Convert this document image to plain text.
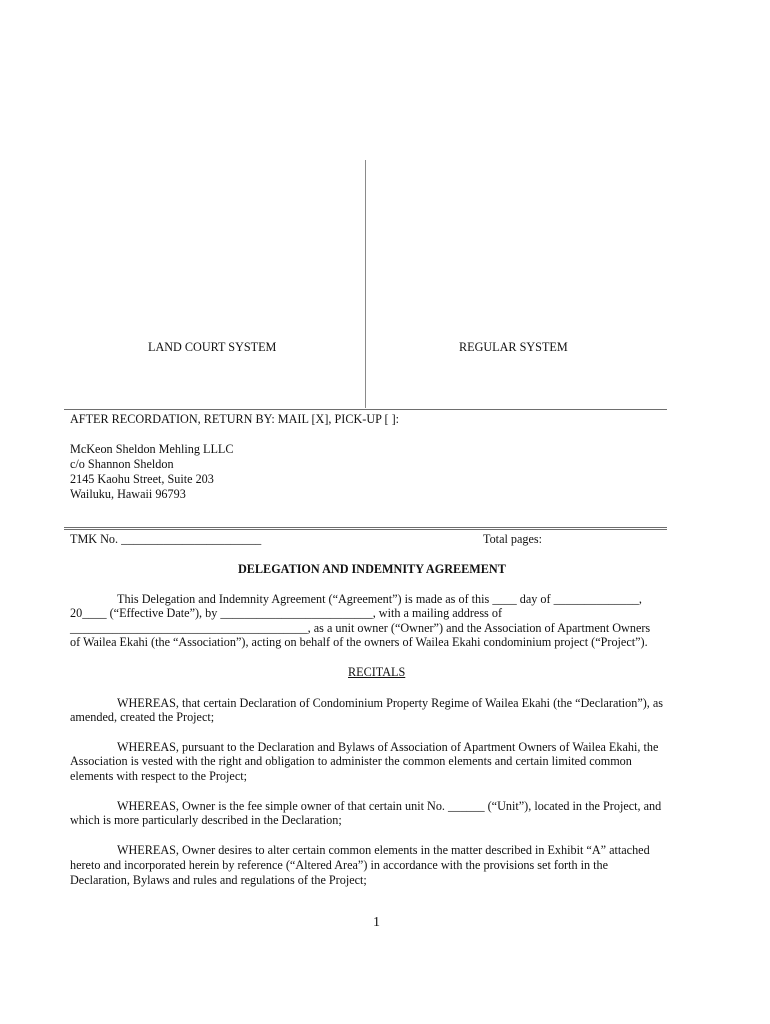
LAND COURT SYSTEM	REGULAR SYSTEM
AFTER RECORDATION, RETURN BY: MAIL [X], PICK-UP [ ]:
McKeon Sheldon Mehling LLLC
c/o Shannon Sheldon
2145 Kaohu Street, Suite 203
Wailuku, Hawaii 96793
TMK No. _______________________	Total pages:
DELEGATION AND INDEMNITY AGREEMENT
This Delegation and Indemnity Agreement (“Agreement”) is made as of this ____ day of ______________,
20____ (“Effective Date”), by _________________________, with a mailing address of
_______________________________________, as a unit owner (“Owner”) and the Association of Apartment Owners
of Wailea Ekahi (the “Association”), acting on behalf of the owners of Wailea Ekahi condominium project (“Project”).
RECITALS
WHEREAS, that certain Declaration of Condominium Property Regime of Wailea Ekahi (the “Declaration”), as
amended, created the Project;
WHEREAS, pursuant to the Declaration and Bylaws of Association of Apartment Owners of Wailea Ekahi, the
Association is vested with the right and obligation to administer the common elements and certain limited common
elements with respect to the Project;
WHEREAS, Owner is the fee simple owner of that certain unit No. ______ (“Unit”), located in the Project, and
which is more particularly described in the Declaration;
WHEREAS, Owner desires to alter certain common elements in the matter described in Exhibit “A” attached
hereto and incorporated herein by reference (“Altered Area”) in accordance with the provisions set forth in the
Declaration, Bylaws and rules and regulations of the Project;
1
